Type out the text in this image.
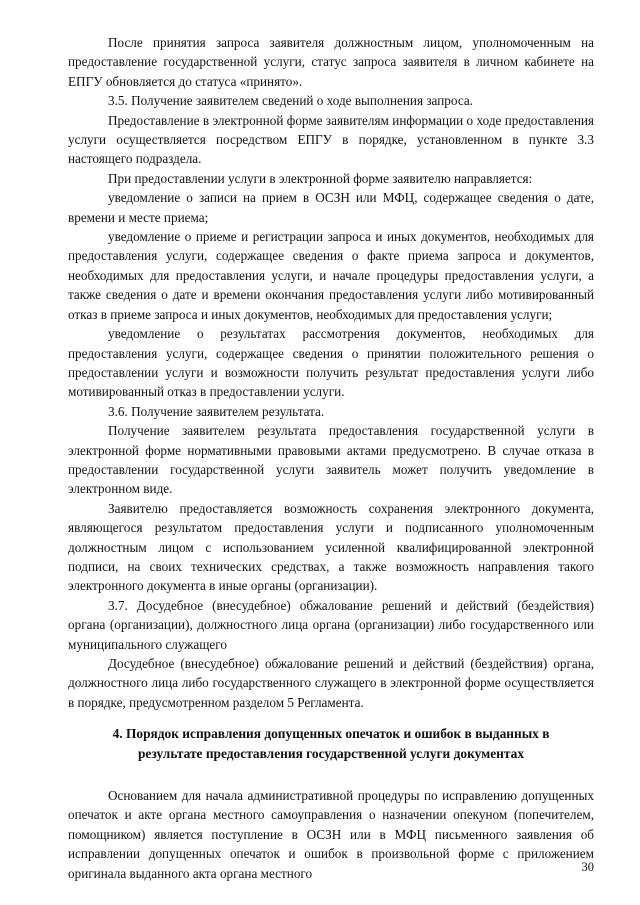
После принятия запроса заявителя должностным лицом, уполномоченным на предоставление государственной услуги, статус запроса заявителя в личном кабинете на ЕПГУ обновляется до статуса «принято».

3.5. Получение заявителем сведений о ходе выполнения запроса.

Предоставление в электронной форме заявителям информации о ходе предоставления услуги осуществляется посредством ЕПГУ в порядке, установленном в пункте 3.3 настоящего подраздела.

При предоставлении услуги в электронной форме заявителю направляется:

уведомление о записи на прием в ОСЗН или МФЦ, содержащее сведения о дате, времени и месте приема;

уведомление о приеме и регистрации запроса и иных документов, необходимых для предоставления услуги, содержащее сведения о факте приема запроса и документов, необходимых для предоставления услуги, и начале процедуры предоставления услуги, а также сведения о дате и времени окончания предоставления услуги либо мотивированный отказ в приеме запроса и иных документов, необходимых для предоставления услуги;

уведомление о результатах рассмотрения документов, необходимых для предоставления услуги, содержащее сведения о принятии положительного решения о предоставлении услуги и возможности получить результат предоставления услуги либо мотивированный отказ в предоставлении услуги.

3.6. Получение заявителем результата.

Получение заявителем результата предоставления государственной услуги в электронной форме нормативными правовыми актами предусмотрено. В случае отказа в предоставлении государственной услуги заявитель может получить уведомление в электронном виде.

Заявителю предоставляется возможность сохранения электронного документа, являющегося результатом предоставления услуги и подписанного уполномоченным должностным лицом с использованием усиленной квалифицированной электронной подписи, на своих технических средствах, а также возможность направления такого электронного документа в иные органы (организации).

3.7. Досудебное (внесудебное) обжалование решений и действий (бездействия) органа (организации), должностного лица органа (организации) либо государственного или муниципального служащего

Досудебное (внесудебное) обжалование решений и действий (бездействия) органа, должностного лица либо государственного служащего в электронной форме осуществляется в порядке, предусмотренном разделом 5 Регламента.

4. Порядок исправления допущенных опечаток и ошибок в выданных в результате предоставления государственной услуги документах

Основанием для начала административной процедуры по исправлению допущенных опечаток и акте органа местного самоуправления о назначении опекуном (попечителем, помощником) является поступление в ОСЗН или в МФЦ письменного заявления об исправлении допущенных опечаток и ошибок в произвольной форме с приложением оригинала выданного акта органа местного	30
